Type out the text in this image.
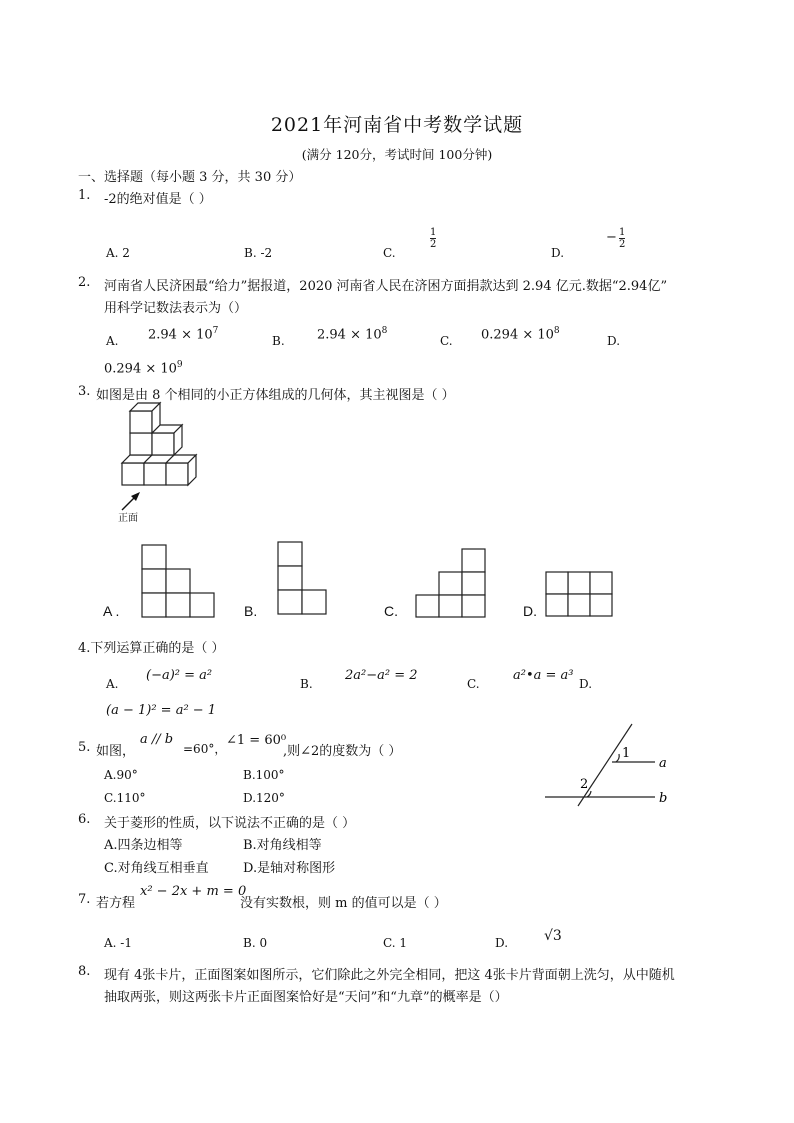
2021年河南省中考数学试题
(满分 120分，考试时间 100分钟)
一、选择题（每小题 3 分，共 30 分）
1. -2的绝对值是（ ）
A. 2	B. -2	C.
$\frac{1}{2}$
D.
− $\frac{1}{2}$
2. 河南省人民济困最“给力”据报道，2020 河南省人民在济困方面捐款达到 2.94 亿元.数据“2.94亿”
用科学记数法表示为（）
A. $2.94 \times 10^7$
B. $2.94 \times 10^8$
C. $0.294 \times 10^8$
D.
$0.294 \times 10^9$
3. 如图是由 8 个相同的小正方体组成的几何体，其主视图是（ ）
正面
A .	B.	C.	D.
4.下列运算正确的是（ ）
A.
(−a)² = a²
B.
2a²−a² = 2
C.
a²•a = a³
D.
(a − 1)² = a² − 1
5. 如图，
a // b
=60°，
∠1 = 60⁰
,则∠2的度数为（ ）
A.90°	B.100°
C.110°	D.120°
1
2
a
b
6. 关于菱形的性质，以下说法不正确的是（ ）
A.四条边相等	B.对角线相等
C.对角线互相垂直	D.是轴对称图形
7. 若方程
x² − 2x + m = 0
没有实数根，则 m 的值可以是（ ）
A. -1	B. 0	C. 1	D.	√3
8. 现有 4张卡片，正面图案如图所示，它们除此之外完全相同，把这 4张卡片背面朝上洗匀，从中随机
抽取两张，则这两张卡片正面图案恰好是“天问”和“九章”的概率是（）
